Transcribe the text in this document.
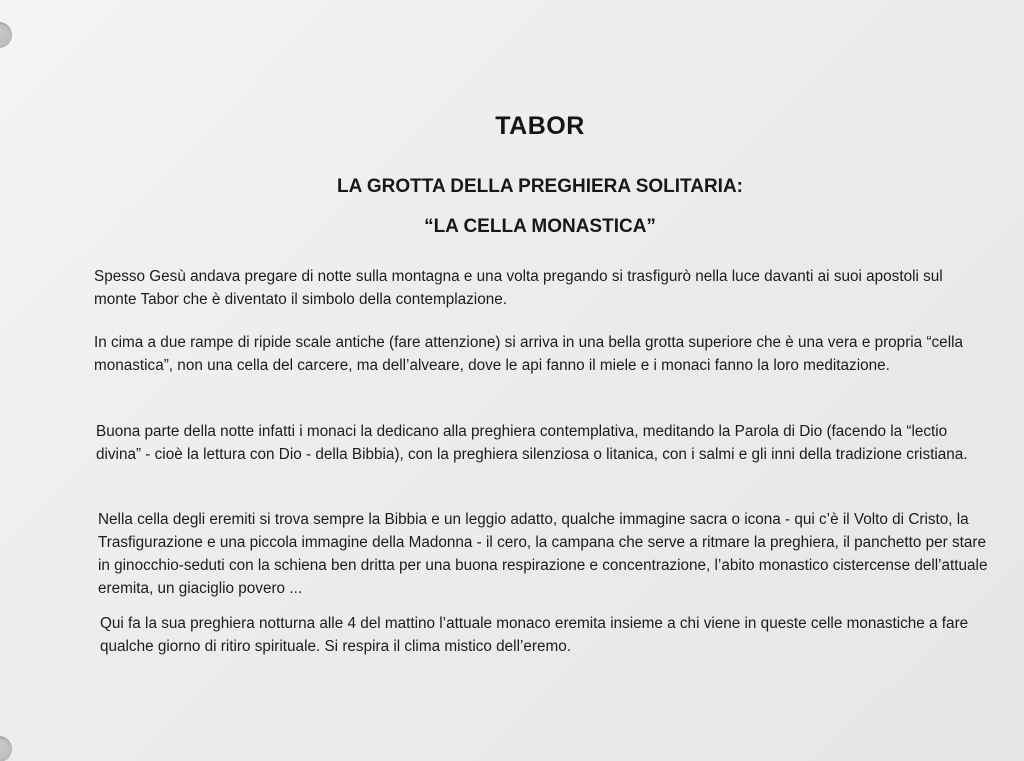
TABOR
LA GROTTA DELLA PREGHIERA SOLITARIA:
“LA CELLA MONASTICA”

Spesso Gesù andava pregare di notte sulla montagna e una volta pregando si trasfigurò nella luce davanti ai suoi apostoli sul monte Tabor che è diventato il simbolo della contemplazione.

In cima a due rampe di ripide scale antiche (fare attenzione) si arriva in una bella grotta superiore che è una vera e propria “cella monastica”, non una cella del carcere, ma dell’alveare, dove le api fanno il miele e i monaci fanno la loro meditazione.

Buona parte della notte infatti i monaci la dedicano alla preghiera contemplativa, meditando la Parola di Dio (facendo la “lectio divina” - cioè la lettura con Dio - della Bibbia), con la preghiera silenziosa o litanica, con i salmi e gli inni della tradizione cristiana.

Nella cella degli eremiti si trova sempre la Bibbia e un leggio adatto, qualche immagine sacra o icona - qui c’è il Volto di Cristo, la Trasfigurazione e una piccola immagine della Madonna - il cero, la campana che serve a ritmare la preghiera, il panchetto per stare in ginocchio-seduti con la schiena ben dritta per una buona respirazione e concentrazione, l’abito monastico cistercense dell’attuale eremita, un giaciglio povero ...

Qui fa la sua preghiera notturna alle 4 del mattino l’attuale monaco eremita insieme a chi viene in queste celle monastiche a fare qualche giorno di ritiro spirituale. Si respira il clima mistico dell’eremo.
